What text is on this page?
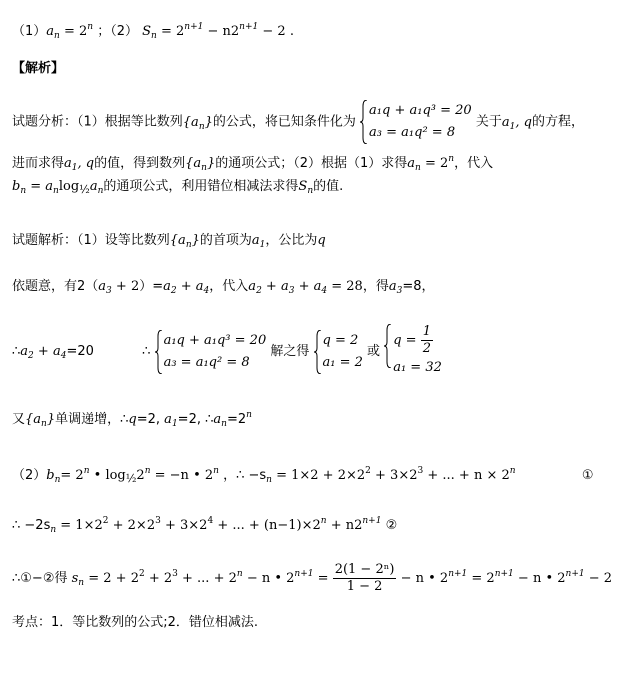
$(1)a_n = 2^n$ ；（2） $S_n = 2^{n+1} - n2^{n+1} - 2$ .
【解析】
试题分析：（1）根据等比数列$\{a_n\}$的公式，将已知条件化为
a₁q + a₁q³ = 20
a₃ = a₁q² = 8
关于$a_1$, q的方程，
进而求得$a_1$, q的值，得到数列$\{a_n\}$的通项公式；（2）根据（1）求得$a_n = 2^n$，代入
$b_n = a_n\log_{\frac{1}{2}}a_n$的通项公式，利用错位相减法求得$S_n$的值.
试题解析：（1）设等比数列$\{a_n\}$的首项为$a_1$，公比为q
依题意，有$2(a_3 + 2)=a_2 + a_4$，代入$a_2 + a_3 + a_4 = 28$，得$a_3=8$，
$\therefore a_2 + a_4=20$	∴
a₁q + a₁q³ = 20
a₃ = a₁q² = 8
解之得
q = 2
a₁ = 2
或
$q = \frac{1}{2}$
a₁ = 32
又$\{a_n\}$单调递增，∴q=2, $a_1=2$, $\therefore a_n=2^n$
$(2)b_n= 2^n$ • $\log_{\frac{1}{2}}2^n = -n$ • 2$^n$ ，∴ $-s_n = 1\times 2 + 2\times 2^2 + 3\times 2^3$ + ... + $n \times 2^n$	①
∴ $-2s_n = 1\times 2^2 + 2\times 2^3 + 3\times 2^4$ + ... + $(n-1)\times 2^n + n2^{n+1}$ ②
∴①−②得 $s_n = 2 + 2^2 + 2^3$ + ... + $2^n - n$ • $2^{n+1} = \frac{\text{2(1 − 2ⁿ)}}{1 - 2} - n$ • $2^{n+1} = 2^{n+1} - n$ • $2^{n+1} - 2$
考点：1．等比数列的公式;2．错位相减法.
